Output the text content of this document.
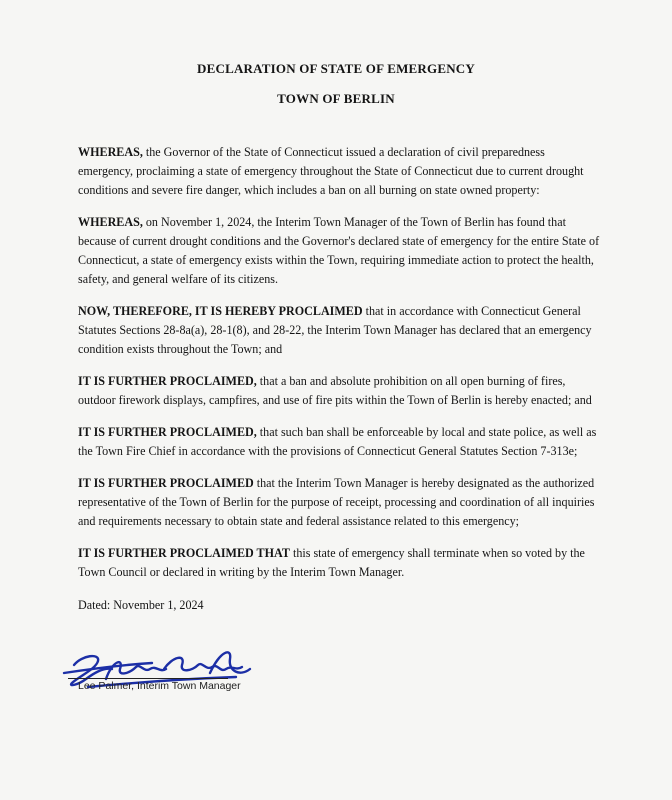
DECLARATION OF STATE OF EMERGENCY
TOWN OF BERLIN

WHEREAS, the Governor of the State of Connecticut issued a declaration of civil preparedness emergency, proclaiming a state of emergency throughout the State of Connecticut due to current drought conditions and severe fire danger, which includes a ban on all burning on state owned property:

WHEREAS, on November 1, 2024, the Interim Town Manager of the Town of Berlin has found that because of current drought conditions and the Governor's declared state of emergency for the entire State of Connecticut, a state of emergency exists within the Town, requiring immediate action to protect the health, safety, and general welfare of its citizens.

NOW, THEREFORE, IT IS HEREBY PROCLAIMED that in accordance with Connecticut General Statutes Sections 28-8a(a), 28-1(8), and 28-22, the Interim Town Manager has declared that an emergency condition exists throughout the Town; and

IT IS FURTHER PROCLAIMED, that a ban and absolute prohibition on all open burning of fires, outdoor firework displays, campfires, and use of fire pits within the Town of Berlin is hereby enacted; and

IT IS FURTHER PROCLAIMED, that such ban shall be enforceable by local and state police, as well as the Town Fire Chief in accordance with the provisions of Connecticut General Statutes Section 7-313e;

IT IS FURTHER PROCLAIMED that the Interim Town Manager is hereby designated as the authorized representative of the Town of Berlin for the purpose of receipt, processing and coordination of all inquiries and requirements necessary to obtain state and federal assistance related to this emergency;

IT IS FURTHER PROCLAIMED THAT this state of emergency shall terminate when so voted by the Town Council or declared in writing by the Interim Town Manager.

Dated: November 1, 2024

Lee Palmer, Interim Town Manager
